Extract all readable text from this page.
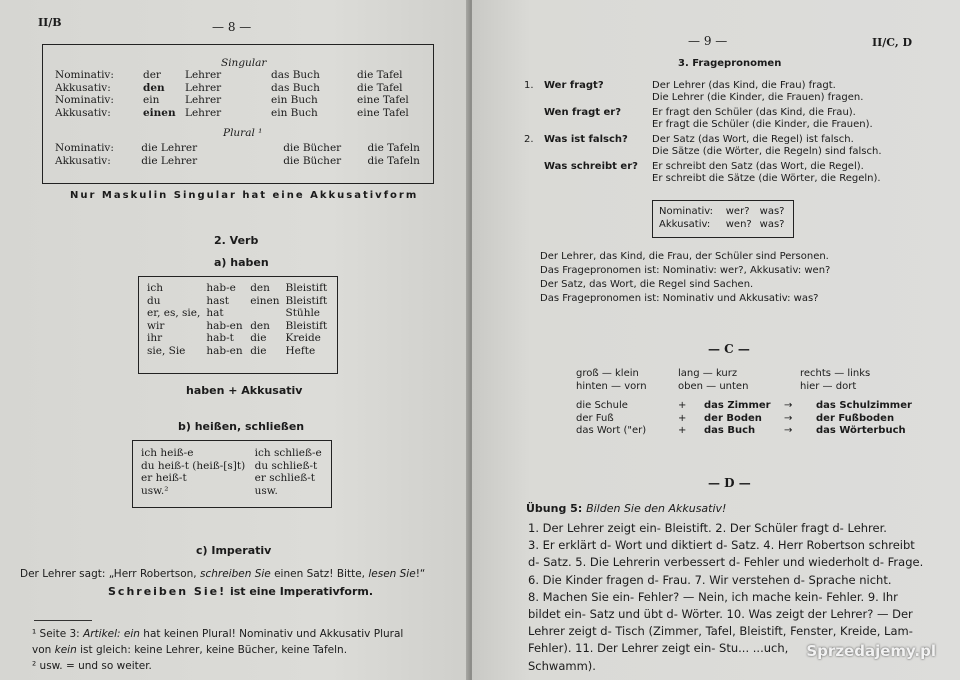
II/B	— 8 —
Singular
Nominativ:	der	Lehrer	das Buch	die Tafel
Akkusativ:	den	Lehrer	das Buch	die Tafel
Nominativ:	ein	Lehrer	ein Buch	eine Tafel
Akkusativ:	einen	Lehrer	ein Buch	eine Tafel
Plural ¹
Nominativ:	die Lehrer		die Bücher	die Tafeln
Akkusativ:	die Lehrer		die Bücher	die Tafeln
Nur Maskulin Singular hat eine Akkusativform
2. Verb
a) haben
ich	hab-e	den	Bleistift
du	hast	einen	Bleistift
er, es, sie,	hat		Stühle
wir	hab-en	den	Bleistift
ihr	hab-t	die	Kreide
sie, Sie	hab-en	die	Hefte
haben + Akkusativ
b) heißen, schließen
ich heiß-e	ich schließ-e
du heiß-t (heiß-[s]t)	du schließ-t
er heiß-t	er schließ-t
usw.²	usw.
c) Imperativ
Der Lehrer sagt: „Herr Robertson, schreiben Sie einen Satz! Bitte, lesen Sie!“
Schreiben Sie! ist eine Imperativform.
¹ Seite 3: Artikel: ein hat keinen Plural! Nominativ und Akkusativ Plural
von kein ist gleich: keine Lehrer, keine Bücher, keine Tafeln.
² usw. = und so weiter.
— 9 —	II/C, D
3. Fragepronomen
1.	Wer fragt?	Der Lehrer (das Kind, die Frau) fragt.
		Die Lehrer (die Kinder, die Frauen) fragen.
	Wen fragt er?	Er fragt den Schüler (das Kind, die Frau).
		Er fragt die Schüler (die Kinder, die Frauen).
2.	Was ist falsch?	Der Satz (das Wort, die Regel) ist falsch.
		Die Sätze (die Wörter, die Regeln) sind falsch.
	Was schreibt er?	Er schreibt den Satz (das Wort, die Regel).
		Er schreibt die Sätze (die Wörter, die Regeln).
Nominativ:	wer?	was?
Akkusativ:	wen?	was?
Der Lehrer, das Kind, die Frau, der Schüler sind Personen.
Das Fragepronomen ist: Nominativ: wer?, Akkusativ: wen?
Der Satz, das Wort, die Regel sind Sachen.
Das Fragepronomen ist: Nominativ und Akkusativ: was?
— C —
groß — klein	lang — kurz	rechts — links
hinten — vorn	oben — unten	hier — dort
die Schule	+	das Zimmer	→	das Schulzimmer
der Fuß	+	der Boden	→	der Fußboden
das Wort ("er)	+	das Buch	→	das Wörterbuch
— D —
Übung 5: Bilden Sie den Akkusativ!
1. Der Lehrer zeigt ein- Bleistift. 2. Der Schüler fragt d- Lehrer.
3. Er erklärt d- Wort und diktiert d- Satz. 4. Herr Robertson schreibt
d- Satz. 5. Die Lehrerin verbessert d- Fehler und wiederholt d- Frage.
6. Die Kinder fragen d- Frau. 7. Wir verstehen d- Sprache nicht.
8. Machen Sie ein- Fehler? — Nein, ich mache kein- Fehler. 9. Ihr
bildet ein- Satz und übt d- Wörter. 10. Was zeigt der Lehrer? — Der
Lehrer zeigt d- Tisch (Zimmer, Tafel, Bleistift, Fenster, Kreide, Lam-
Fehler). 11. Der Lehrer zeigt ein- Stu... ...uch,
Schwamm).
Sprzedajemy.pl
